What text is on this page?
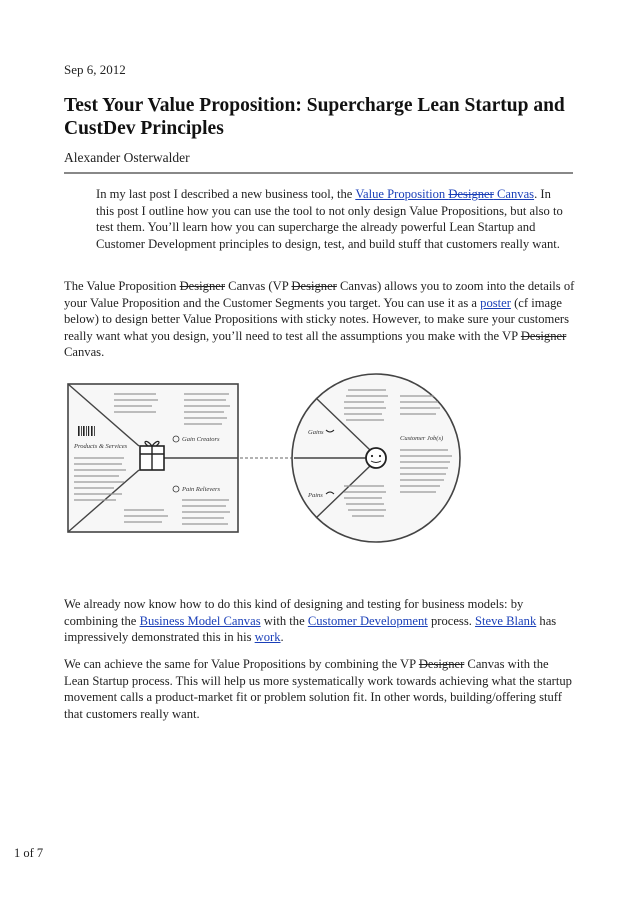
Sep 6, 2012
Test Your Value Proposition: Supercharge Lean Startup and CustDev Principles
Alexander Osterwalder
In my last post I described a new business tool, the Value Proposition Designer Canvas. In this post I outline how you can use the tool to not only design Value Propositions, but also to test them. You’ll learn how you can supercharge the already powerful Lean Startup and Customer Development principles to design, test, and build stuff that customers really want.
The Value Proposition Designer Canvas (VP Designer Canvas) allows you to zoom into the details of your Value Proposition and the Customer Segments you target. You can use it as a poster (cf image below) to design better Value Propositions with sticky notes. However, to make sure your customers really want what you design, you’ll need to test all the assumptions you make with the VP Designer Canvas.
Products & Services
Gain Creators
Pain Relievers
Gains
Pains
Customer Job(s)
We already now know how to do this kind of designing and testing for business models: by combining the Business Model Canvas with the Customer Development process. Steve Blank has impressively demonstrated this in his work.
We can achieve the same for Value Propositions by combining the VP Designer Canvas with the Lean Startup process. This will help us more systematically work towards achieving what the startup movement calls a product-market fit or problem solution fit. In other words, building/offering stuff that customers really want.
1 of 7
